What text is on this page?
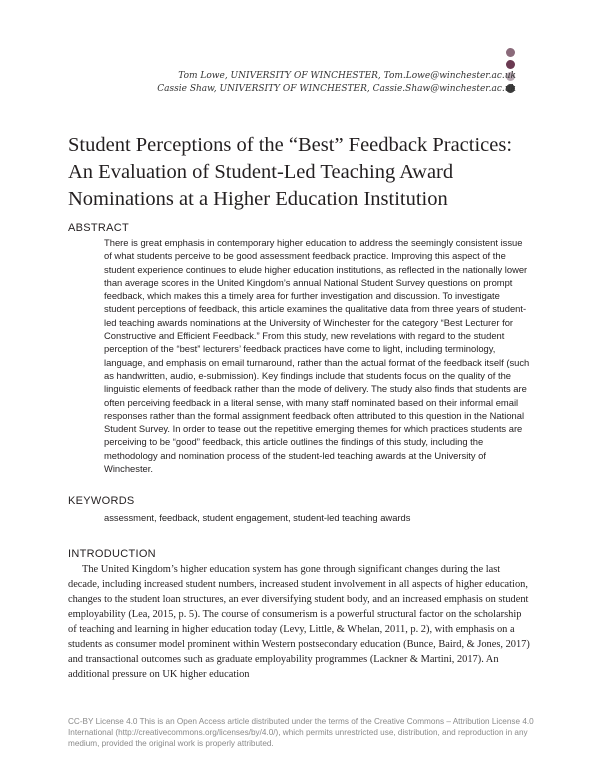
Tom Lowe, UNIVERSITY OF WINCHESTER, Tom.Lowe@winchester.ac.uk
Cassie Shaw, UNIVERSITY OF WINCHESTER, Cassie.Shaw@winchester.ac.uk
Student Perceptions of the “Best” Feedback Practices: An Evaluation of Student-Led Teaching Award Nominations at a Higher Education Institution
ABSTRACT

There is great emphasis in contemporary higher education to address the seemingly consistent issue of what students perceive to be good assessment feedback practice. Improving this aspect of the student experience continues to elude higher education institutions, as reflected in the nationally lower than average scores in the United Kingdom’s annual National Student Survey questions on prompt feedback, which makes this a timely area for further investigation and discussion. To investigate student perceptions of feedback, this article examines the qualitative data from three years of student-led teaching awards nominations at the University of Winchester for the category “Best Lecturer for Constructive and Efficient Feedback.” From this study, new revelations with regard to the student perception of the “best” lecturers’ feedback practices have come to light, including terminology, language, and emphasis on email turnaround, rather than the actual format of the feedback itself (such as handwritten, audio, e-submission). Key findings include that students focus on the quality of the linguistic elements of feedback rather than the mode of delivery. The study also finds that students are often perceiving feedback in a literal sense, with many staff nominated based on their informal email responses rather than the formal assignment feedback often attributed to this question in the National Student Survey. In order to tease out the repetitive emerging themes for which practices students are perceiving to be “good” feedback, this article outlines the findings of this study, including the methodology and nomination process of the student-led teaching awards at the University of Winchester.

KEYWORDS

assessment, feedback, student engagement, student-led teaching awards

INTRODUCTION

The United Kingdom’s higher education system has gone through significant changes during the last decade, including increased student numbers, increased student involvement in all aspects of higher education, changes to the student loan structures, an ever diversifying student body, and an increased emphasis on student employability (Lea, 2015, p. 5). The course of consumerism is a powerful structural factor on the scholarship of teaching and learning in higher education today (Levy, Little, & Whelan, 2011, p. 2), with emphasis on a students as consumer model prominent within Western postsecondary education (Bunce, Baird, & Jones, 2017) and transactional outcomes such as graduate employability programmes (Lackner & Martini, 2017). An additional pressure on UK higher education

CC-BY License 4.0 This is an Open Access article distributed under the terms of the Creative Commons – Attribution License 4.0 International (http://creativecommons.org/licenses/by/4.0/), which permits unrestricted use, distribution, and reproduction in any medium, provided the original work is properly attributed.
